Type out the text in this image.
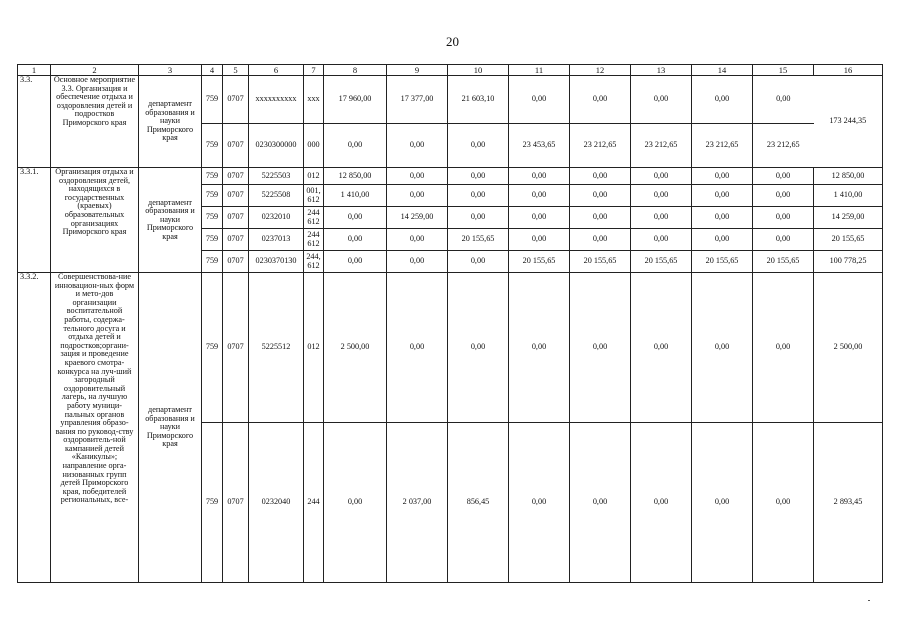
20
1	2	3	4	5	6	7	8	9	10	11	12	13	14	15	16
3.3.	Основное мероприятие 3.3. Организация и обеспечение отдыха и оздоровления детей и подростков Приморского края	департамент образования и науки Приморского края	759	0707	xxxxxxxxxx	xxx	17 960,00	17 377,00	21 603,10	0,00	0,00	0,00	0,00	0,00	173 244,35
			759	0707	0230300000	000	0,00	0,00	0,00	23 453,65	23 212,65	23 212,65	23 212,65	23 212,65	
3.3.1.	Организация отдыха и оздоровления детей, находящихся в государственных (краевых) образовательных организациях Приморского края	департамент образования и науки Приморского края	759	0707	5225503	012	12 850,00	0,00	0,00	0,00	0,00	0,00	0,00	0,00	12 850,00
			759	0707	5225508	001, 612	1 410,00	0,00	0,00	0,00	0,00	0,00	0,00	0,00	1 410,00
			759	0707	0232010	244 612	0,00	14 259,00	0,00	0,00	0,00	0,00	0,00	0,00	14 259,00
			759	0707	0237013	244 612	0,00	0,00	20 155,65	0,00	0,00	0,00	0,00	0,00	20 155,65
			759	0707	0230370130	244, 612	0,00	0,00	0,00	20 155,65	20 155,65	20 155,65	20 155,65	20 155,65	100 778,25
3.3.2.	Совершенствова-ние инновацион-ных форм и мето-дов организации воспитательной работы, содержа-тельного досуга и отдыха детей и подростков;органи-зация и проведение краевого смотра-конкурса на луч-ший загородный оздоровительный лагерь, на лучшую работу муници-пальных органов управления образо-вания по руковод-ству оздоровитель-ной кампанией детей «Каникулы»; направление орга-низованных групп детей Приморского края, победителей региональных, все-	департамент образования и науки Приморского края	759	0707	5225512	012	2 500,00	0,00	0,00	0,00	0,00	0,00	0,00	0,00	2 500,00
			759	0707	0232040	244	0,00	2 037,00	856,45	0,00	0,00	0,00	0,00	0,00	2 893,45
